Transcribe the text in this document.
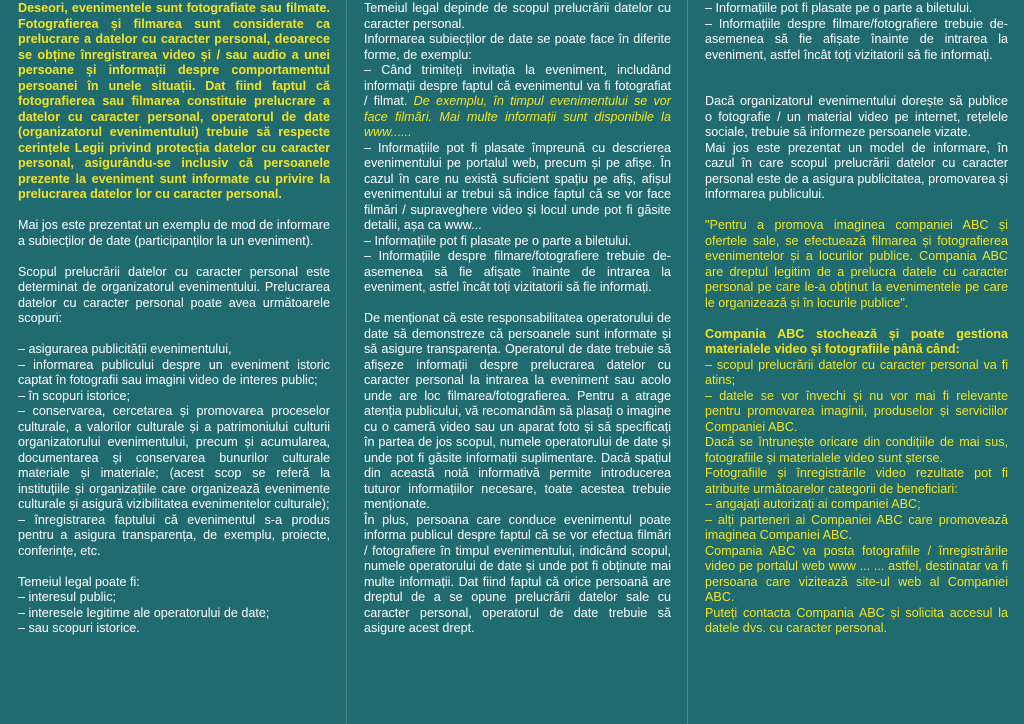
Deseori, evenimentele sunt fotografiate sau filmate. Fotografierea și filmarea sunt considerate ca prelucrare a datelor cu caracter personal, deoarece se obține înregistrarea video și / sau audio a unei persoane și informații despre comportamentul persoanei în unele situații. Dat fiind faptul că fotografierea sau filmarea constituie prelucrare a datelor cu caracter personal, operatorul de date (organizatorul evenimentului) trebuie să respecte cerințele Legii privind protecția datelor cu caracter personal, asigurându-se inclusiv că persoanele prezente la eveniment sunt informate cu privire la prelucrarea datelor lor cu caracter personal.

Mai jos este prezentat un exemplu de mod de informare a subiecților de date (participanților la un eveniment).

Scopul prelucrării datelor cu caracter personal este determinat de organizatorul evenimentului. Prelucrarea datelor cu caracter personal poate avea următoarele scopuri:

– asigurarea publicității evenimentului,

– informarea publicului despre un eveniment istoric captat în fotografii sau imagini video de interes public;

– în scopuri istorice;

– conservarea, cercetarea și promovarea proceselor culturale, a valorilor culturale și a patrimoniului culturii organizatorului evenimentului, precum și acumularea, documentarea și conservarea bunurilor culturale materiale și imateriale; (acest scop se referă la instituțiile și organizațiile care organizează evenimente culturale și asigură vizibilitatea evenimentelor culturale);

– înregistrarea faptului că evenimentul s-a produs pentru a asigura transparența, de exemplu, proiecte, conferințe, etc.

Temeiul legal poate fi:

– interesul public;

– interesele legitime ale operatorului de date;

– sau scopuri istorice.

Temeiul legal depinde de scopul prelucrării datelor cu caracter personal.

Informarea subiecților de date se poate face în diferite forme, de exemplu:

– Când trimiteți invitația la eveniment, includând informații despre faptul că evenimentul va fi fotografiat / filmat. De exemplu, în timpul evenimentului se vor face filmări. Mai multe informații sunt disponibile la www......

– Informațiile pot fi plasate împreună cu descrierea evenimentului pe portalul web, precum și pe afișe. În cazul în care nu există suficient spațiu pe afiș, afișul evenimentului ar trebui să indice faptul că se vor face filmări / supraveghere video și locul unde pot fi găsite detalii, așa ca www...

– Informațiile pot fi plasate pe o parte a biletului.

– Informațiile despre filmare/fotografiere trebuie de-asemenea să fie afișate înainte de intrarea la eveniment, astfel încât toți vizitatorii să fie informați.

De menționat că este responsabilitatea operatorului de date să demonstreze că persoanele sunt informate și să asigure transparența. Operatorul de date trebuie să afișeze informații despre prelucrarea datelor cu caracter personal la intrarea la eveniment sau acolo unde are loc filmarea/fotografierea. Pentru a atrage atenția publicului, vă recomandăm să plasați o imagine cu o cameră video sau un aparat foto și să specificați în partea de jos scopul, numele operatorului de date și unde pot fi găsite informații suplimentare. Dacă spațiul din această notă informativă permite introducerea tuturor informațiilor necesare, toate acestea trebuie menționate.

În plus, persoana care conduce evenimentul poate informa publicul despre faptul că se vor efectua filmări / fotografiere în timpul evenimentului, indicând scopul, numele operatorului de date și unde pot fi obținute mai multe informații. Dat fiind faptul că orice persoană are dreptul de a se opune prelucrării datelor sale cu caracter personal, operatorul de date trebuie să asigure acest drept.

– Informațiile pot fi plasate pe o parte a biletului.

– Informațiile despre filmare/fotografiere trebuie de-asemenea să fie afișate înainte de intrarea la eveniment, astfel încât toți vizitatorii să fie informați.

Dacă organizatorul evenimentului dorește să publice o fotografie / un material video pe internet, rețelele sociale, trebuie să informeze persoanele vizate.

Mai jos este prezentat un model de informare, în cazul în care scopul prelucrării datelor cu caracter personal este de a asigura publicitatea, promovarea și informarea publicului.

"Pentru a promova imaginea companiei ABC și ofertele sale, se efectuează filmarea și fotografierea evenimentelor și a locurilor publice. Compania ABC are dreptul legitim de a prelucra datele cu caracter personal pe care le-a obținut la evenimentele pe care le organizează și în locurile publice".

Compania ABC stochează și poate gestiona materialele video și fotografiile până când:

– scopul prelucrării datelor cu caracter personal va fi atins;

– datele se vor învechi și nu vor mai fi relevante pentru promovarea imaginii, produselor și serviciilor Companiei ABC.

Dacă se întrunește oricare din condițiile de mai sus, fotografiile și materialele video sunt șterse.

Fotografiile și înregistrările video rezultate pot fi atribuite următoarelor categorii de beneficiari:

– angajați autorizați ai companiei ABC;

– alți parteneri ai Companiei ABC care promovează imaginea Companiei ABC.

Compania ABC va posta fotografiile / înregistrările video pe portalul web www ... ... astfel, destinatar va fi persoana care vizitează site-ul web al Companiei ABC.

Puteți contacta Compania ABC și solicita accesul la datele dvs. cu caracter personal.
